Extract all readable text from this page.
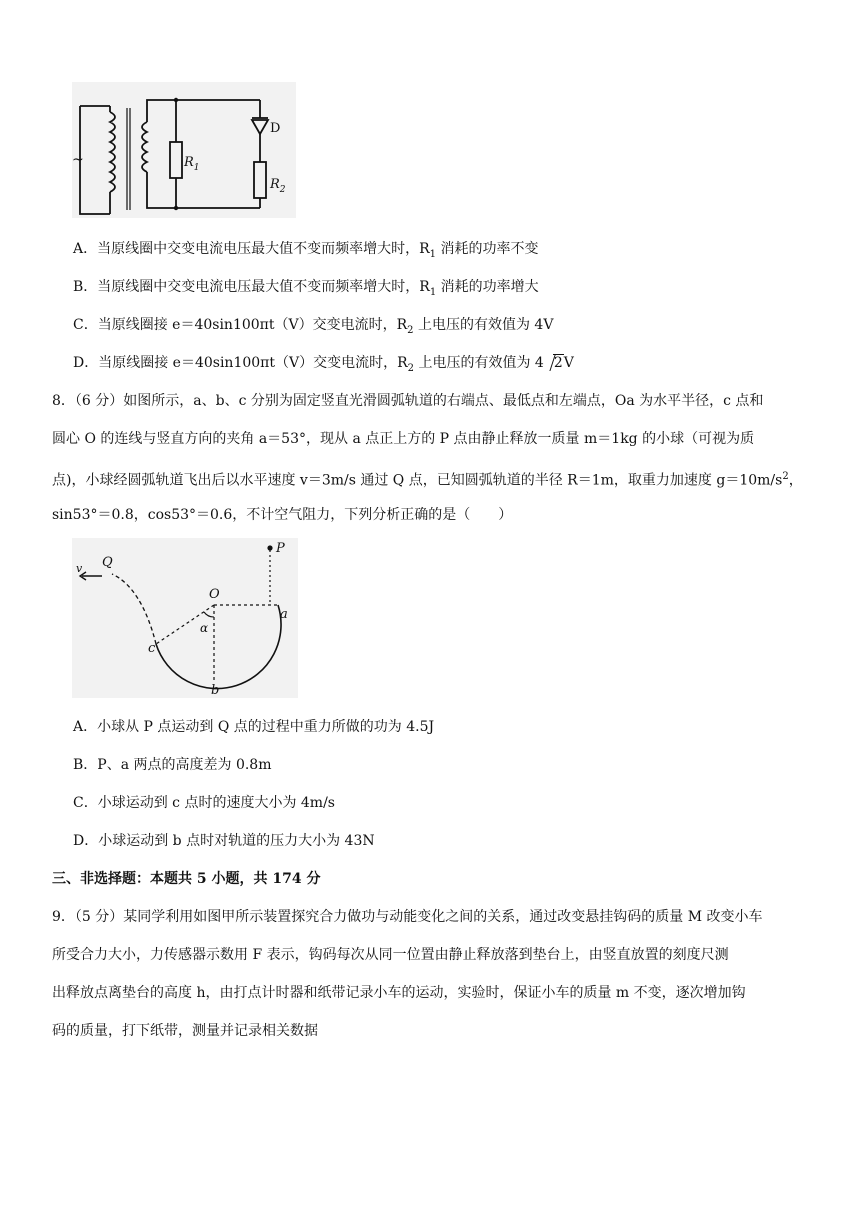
~	$R_1$
D
$R_2$
A．当原线圈中交变电流电压最大值不变而频率增大时，$R_1$ 消耗的功率不变
B．当原线圈中交变电流电压最大值不变而频率增大时，$R_1$ 消耗的功率增大
C．当原线圈接 e＝40sin100πt（V）交变电流时，$R_2$ 上电压的有效值为 4V
D．当原线圈接 e＝40sin100πt（V）交变电流时，$R_2$ 上电压的有效值为 4 2V
8．（6 分）如图所示，a、b、c 分别为固定竖直光滑圆弧轨道的右端点、最低点和左端点，Oa 为水平半径，c 点和
圆心 O 的连线与竖直方向的夹角 a＝53°，现从 a 点正上方的 P 点由静止释放一质量 m＝1kg 的小球（可视为质
点)，小球经圆弧轨道飞出后以水平速度 v＝3m/s 通过 Q 点，已知圆弧轨道的半径 R＝1m，取重力加速度 $g=10m/s^2$，
sin53°＝0.8，cos53°＝0.6，不计空气阻力，下列分析正确的是（　　）
P
v Q
O
α
a
b
c
A．小球从 P 点运动到 Q 点的过程中重力所做的功为 4.5J
B．P、a 两点的高度差为 0.8m
C．小球运动到 c 点时的速度大小为 4m/s
D．小球运动到 b 点时对轨道的压力大小为 43N
三、非选择题：本题共 5 小题，共 174 分
9．（5 分）某同学利用如图甲所示装置探究合力做功与动能变化之间的关系，通过改变悬挂钩码的质量 M 改变小车
所受合力大小，力传感器示数用 F 表示，钩码每次从同一位置由静止释放落到垫台上，由竖直放置的刻度尺测
出释放点离垫台的高度 h，由打点计时器和纸带记录小车的运动，实验时，保证小车的质量 m 不变，逐次增加钩
码的质量，打下纸带，测量并记录相关数据
